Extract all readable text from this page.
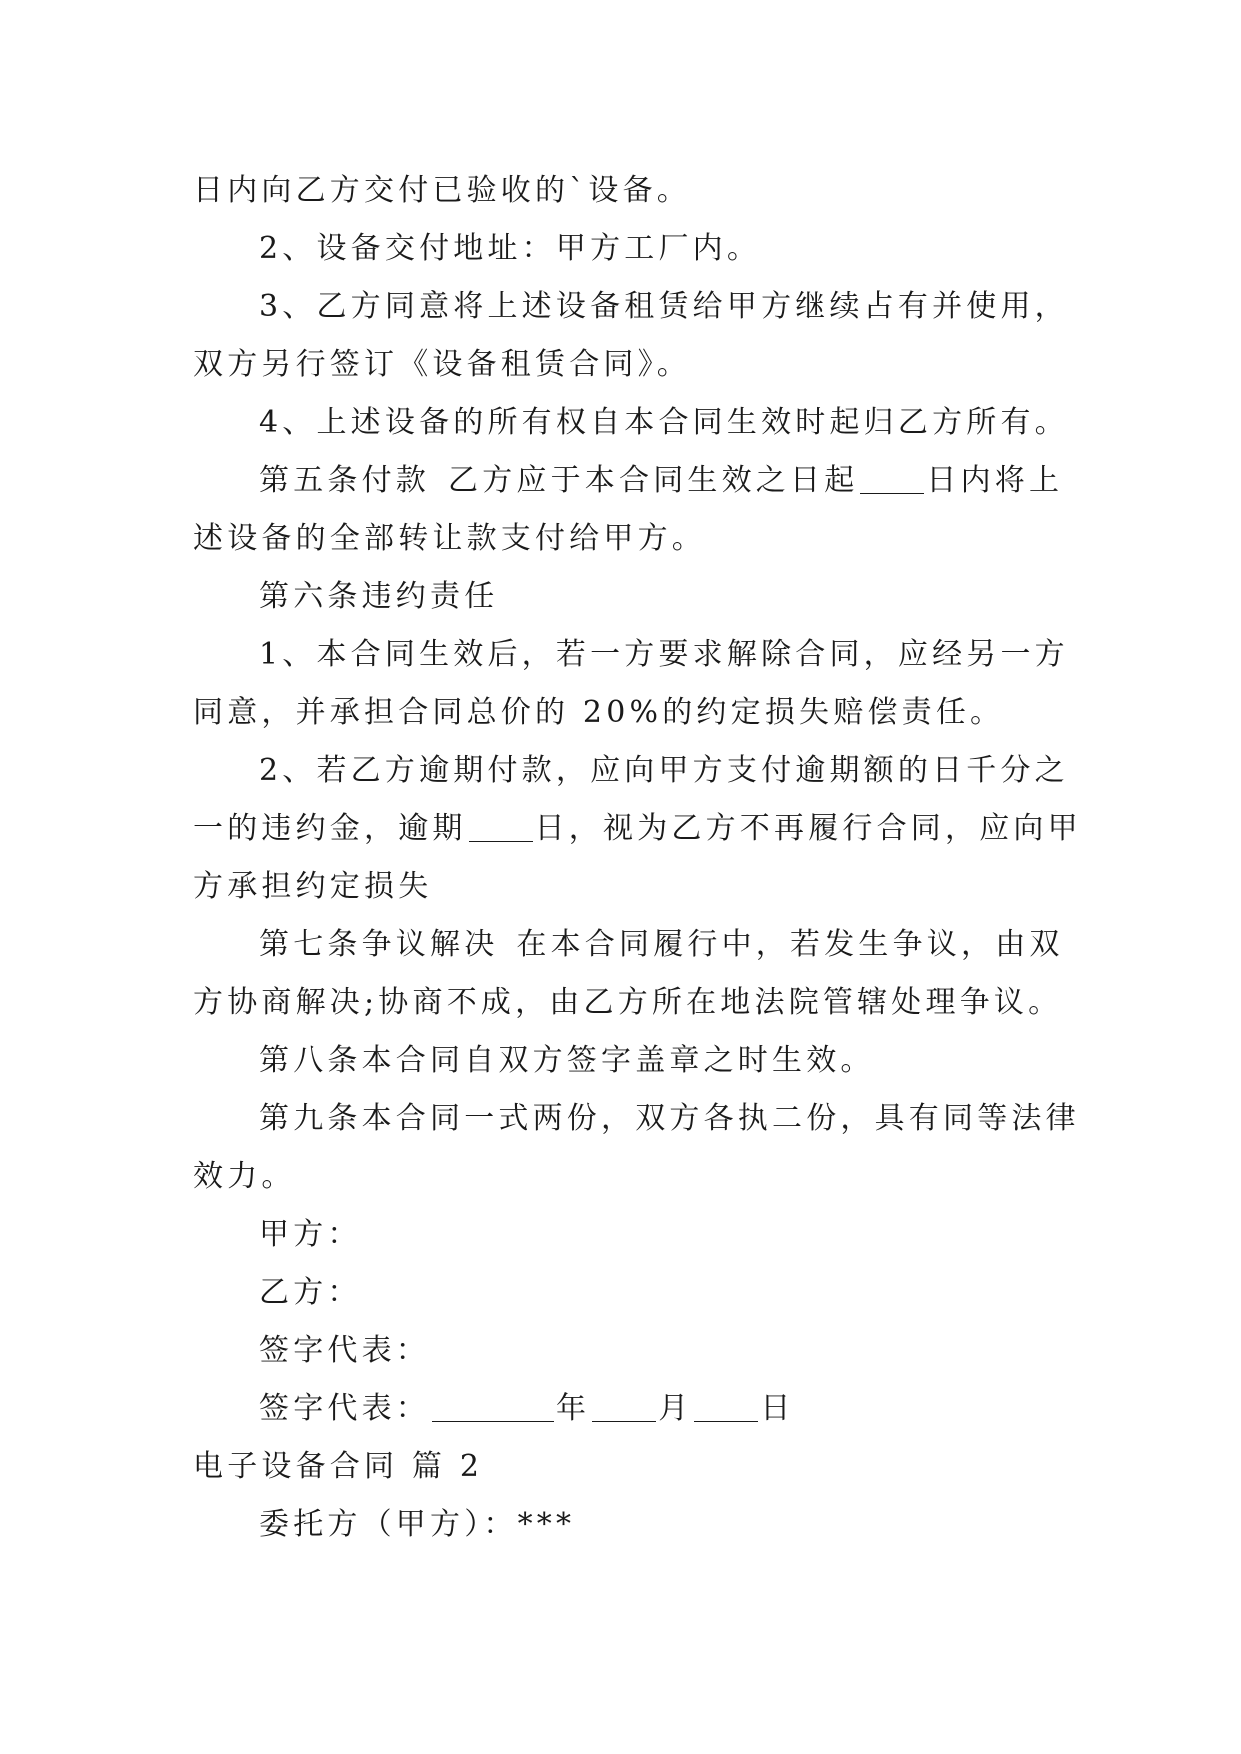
日内向乙方交付已验收的`设备。
2、设备交付地址：甲方工厂内。
3、乙方同意将上述设备租赁给甲方继续占有并使用，
双方另行签订《设备租赁合同》。
4、上述设备的所有权自本合同生效时起归乙方所有。
第五条付款 乙方应于本合同生效之日起 日内将上
述设备的全部转让款支付给甲方。
第六条违约责任
1、本合同生效后，若一方要求解除合同，应经另一方
同意，并承担合同总价的 20%的约定损失赔偿责任。
2、若乙方逾期付款，应向甲方支付逾期额的日千分之
一的违约金，逾期 日，视为乙方不再履行合同，应向甲
方承担约定损失
第七条争议解决 在本合同履行中，若发生争议，由双
方协商解决;协商不成，由乙方所在地法院管辖处理争议。
第八条本合同自双方签字盖章之时生效。
第九条本合同一式两份，双方各执二份，具有同等法律
效力。
甲方：
乙方：
签字代表：
签字代表：	年 月 日
电子设备合同 篇 2
委托方（甲方）：***
